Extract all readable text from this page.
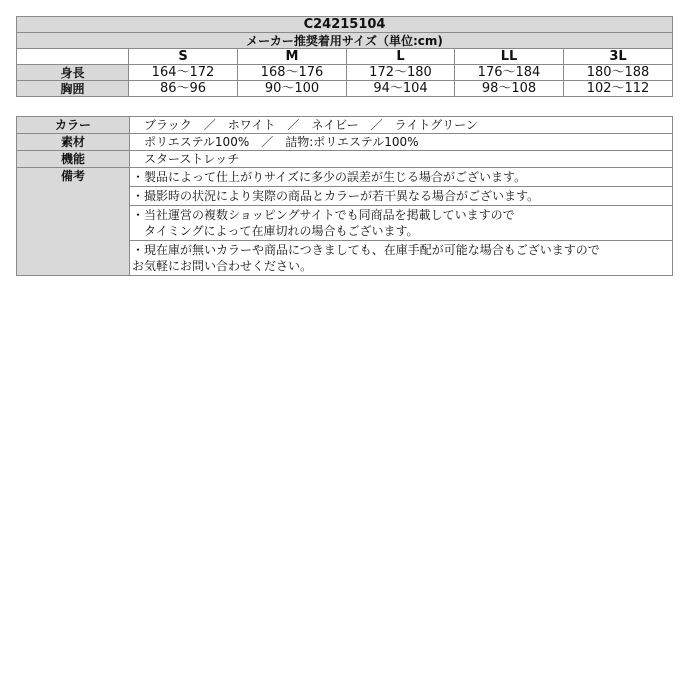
C24215104					
メーカー推奨着用サイズ（単位:cm)					
	S	M	L	LL	3L
身長	164～172	168～176	172～180	176～184	180～188
胸囲	86～96	90～100	94～104	98～108	102～112
カラー	ブラック　／　ホワイト　／　ネイビー　／　ライトグリーン
素材	ポリエステル100%　／　詰物:ポリエステル100%
機能	スターストレッチ
備考	・製品によって仕上がりサイズに多少の誤差が生じる場合がございます。

	・撮影時の状況により実際の商品とカラーが若干異なる場合がございます。

	・当社運営の複数ショッピングサイトでも同商品を掲載していますので
タイミングによって在庫切れの場合もございます。

	・現在庫が無いカラーや商品につきましても、在庫手配が可能な場合もございますので
お気軽にお問い合わせください。
